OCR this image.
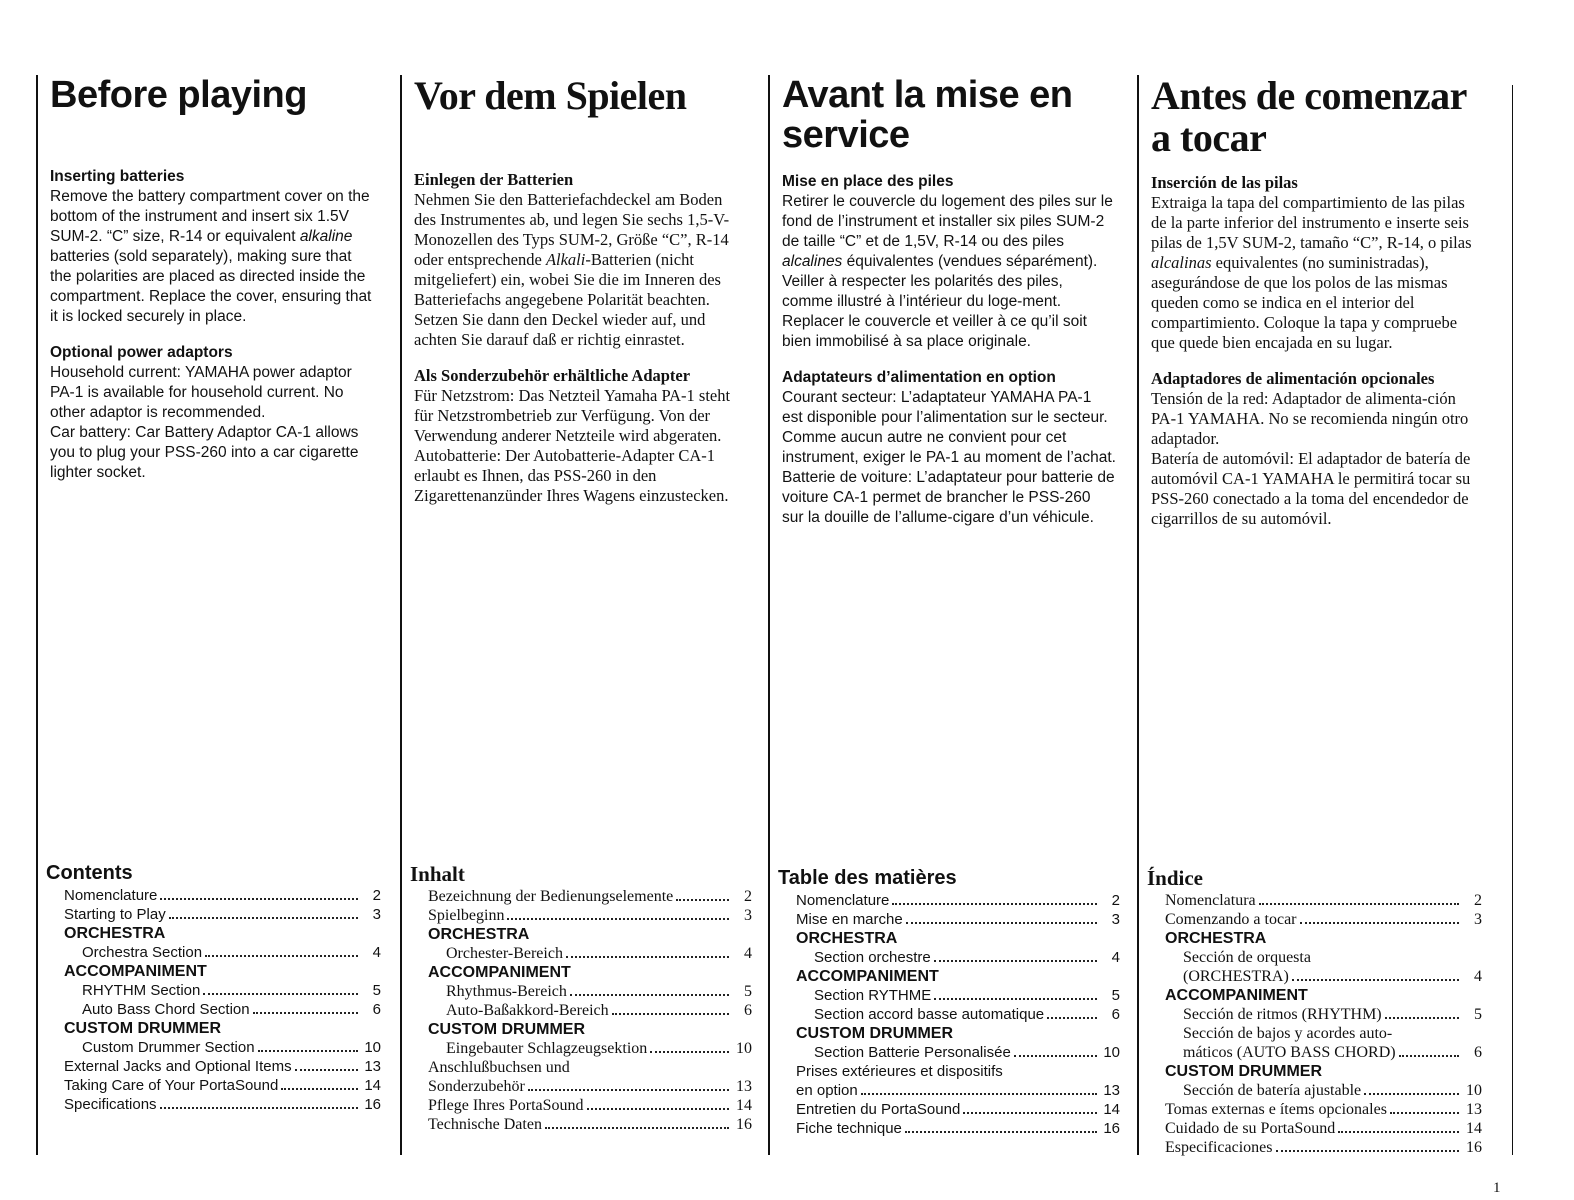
Before playing
Inserting batteries

Remove the battery compartment cover on the bottom of the instrument and insert six 1.5V SUM-2. “C” size, R-14 or equivalent alkaline batteries (sold separately), making sure that the polarities are placed as directed inside the compartment. Replace the cover, ensuring that it is locked securely in place.

Optional power adaptors

Household current: YAMAHA power adaptor PA-1 is available for household current. No other adaptor is recommended.

Car battery: Car Battery Adaptor CA-1 allows you to plug your PSS-260 into a car cigarette lighter socket.

Contents
Nomenclature	2
Starting to Play	3
ORCHESTRA
Orchestra Section	4
ACCOMPANIMENT
RHYTHM Section	5
Auto Bass Chord Section	6
CUSTOM DRUMMER
Custom Drummer Section	10
External Jacks and Optional Items	13
Taking Care of Your PortaSound	14
Specifications	16
Vor dem Spielen
Einlegen der Batterien

Nehmen Sie den Batteriefachdeckel am Boden des Instrumentes ab, und legen Sie sechs 1,5-V-Monozellen des Typs SUM-2, Größe “C”, R-14 oder entsprechende Alkali-Batterien (nicht mitgeliefert) ein, wobei Sie die im Inneren des Batteriefachs angegebene Polarität beachten. Setzen Sie dann den Deckel wieder auf, und achten Sie darauf daß er richtig einrastet.

Als Sonderzubehör erhältliche Adapter

Für Netzstrom: Das Netzteil Yamaha PA-1 steht für Netzstrombetrieb zur Verfügung. Von der Verwendung anderer Netzteile wird abgeraten.

Autobatterie: Der Autobatterie-Adapter CA-1 erlaubt es Ihnen, das PSS-260 in den Zigarettenanzünder Ihres Wagens einzustecken.

Inhalt
Bezeichnung der Bedienungselemente	2
Spielbeginn	3
ORCHESTRA
Orchester-Bereich	4
ACCOMPANIMENT
Rhythmus-Bereich	5
Auto-Baßakkord-Bereich	6
CUSTOM DRUMMER
Eingebauter Schlagzeugsektion	10
Anschlußbuchsen und
Sonderzubehör	13
Pflege Ihres PortaSound	14
Technische Daten	16
Avant la mise en service
Mise en place des piles

Retirer le couvercle du logement des piles sur le fond de l’instrument et installer six piles SUM-2 de taille “C” et de 1,5V, R-14 ou des piles alcalines équivalentes (vendues séparément). Veiller à respecter les polarités des piles, comme illustré à l’intérieur du loge-ment. Replacer le couvercle et veiller à ce qu’il soit bien immobilisé à sa place originale.

Adaptateurs d’alimentation en option

Courant secteur: L’adaptateur YAMAHA PA-1 est disponible pour l’alimentation sur le secteur. Comme aucun autre ne convient pour cet instrument, exiger le PA-1 au moment de l’achat.

Batterie de voiture: L’adaptateur pour batterie de voiture CA-1 permet de brancher le PSS-260 sur la douille de l’allume-cigare d’un véhicule.

Table des matières
Nomenclature	2
Mise en marche	3
ORCHESTRA
Section orchestre	4
ACCOMPANIMENT
Section RYTHME	5
Section accord basse automatique	6
CUSTOM DRUMMER
Section Batterie Personalisée	10
Prises extérieures et dispositifs
en option	13
Entretien du PortaSound	14
Fiche technique	16
Antes de comenzar a tocar
Inserción de las pilas

Extraiga la tapa del compartimiento de las pilas de la parte inferior del instrumento e inserte seis pilas de 1,5V SUM-2, tamaño “C”, R-14, o pilas alcalinas equivalentes (no suministradas), asegurándose de que los polos de las mismas queden como se indica en el interior del compartimiento. Coloque la tapa y compruebe que quede bien encajada en su lugar.

Adaptadores de alimentación opcionales

Tensión de la red: Adaptador de alimenta-ción PA-1 YAMAHA. No se recomienda ningún otro adaptador.

Batería de automóvil: El adaptador de batería de automóvil CA-1 YAMAHA le permitirá tocar su PSS-260 conectado a la toma del encendedor de cigarrillos de su automóvil.

Índice
Nomenclatura	2
Comenzando a tocar	3
ORCHESTRA
Sección de orquesta
(ORCHESTRA)	4
ACCOMPANIMENT
Sección de ritmos (RHYTHM)	5
Sección de bajos y acordes auto-
máticos (AUTO BASS CHORD)	6
CUSTOM DRUMMER
Sección de batería ajustable	10
Tomas externas e ítems opcionales	13
Cuidado de su PortaSound	14
Especificaciones	16
1
